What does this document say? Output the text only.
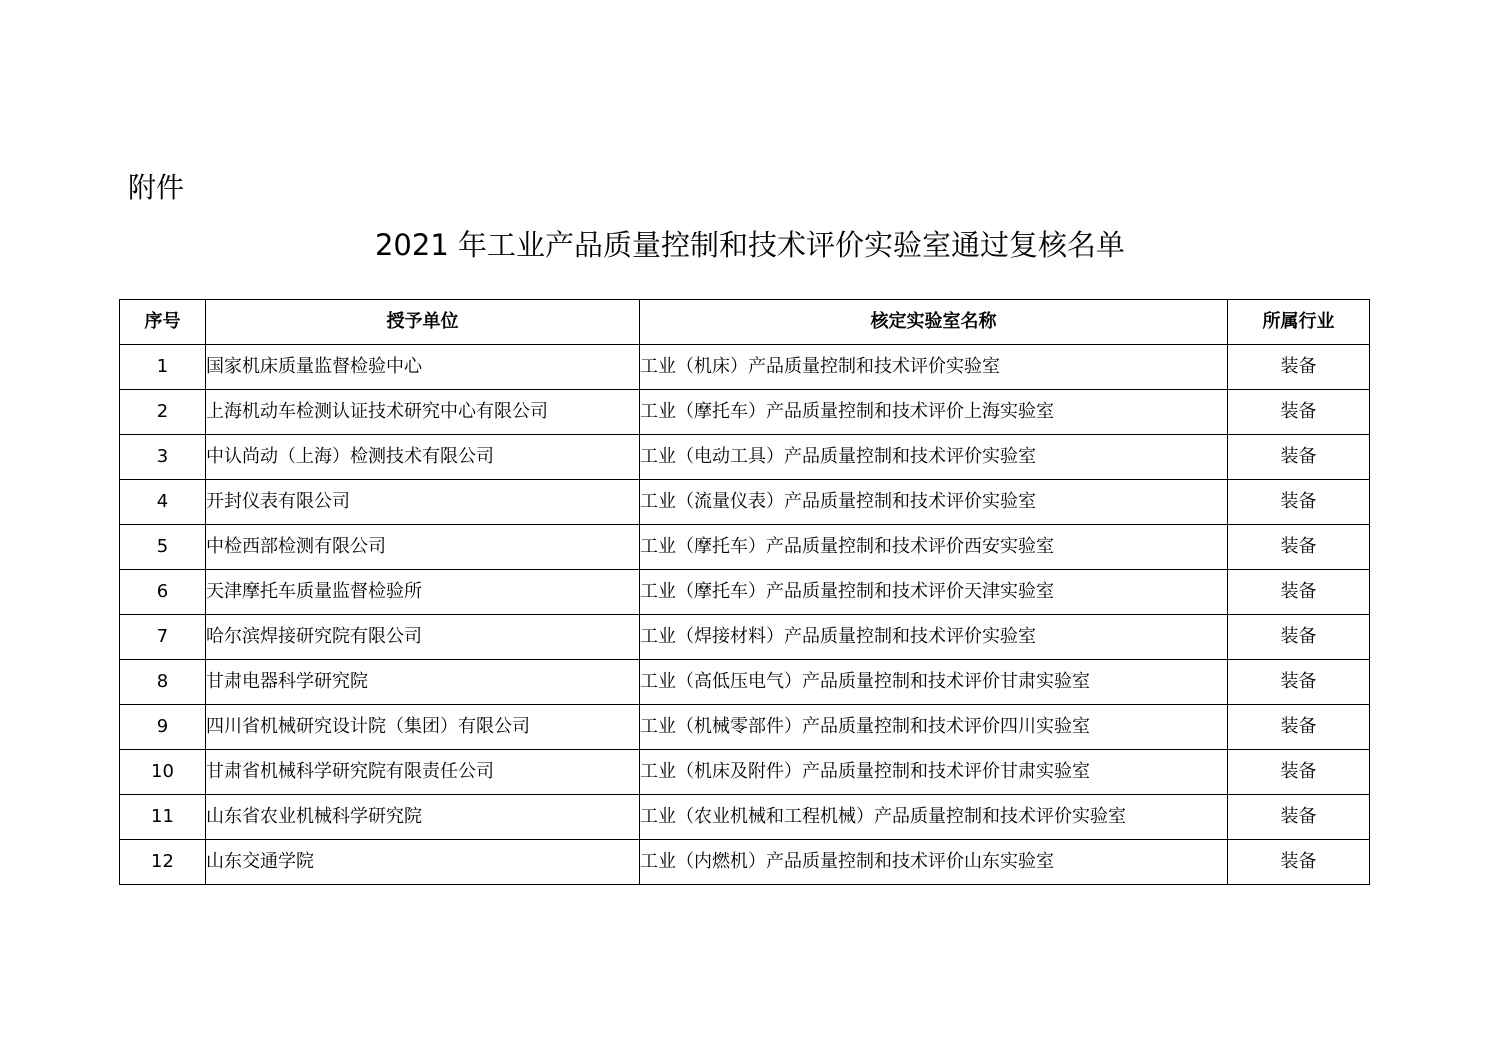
附件
2021 年工业产品质量控制和技术评价实验室通过复核名单
序号	授予单位	核定实验室名称	所属行业
1	国家机床质量监督检验中心	工业（机床）产品质量控制和技术评价实验室	装备
2	上海机动车检测认证技术研究中心有限公司	工业（摩托车）产品质量控制和技术评价上海实验室	装备
3	中认尚动（上海）检测技术有限公司	工业（电动工具）产品质量控制和技术评价实验室	装备
4	开封仪表有限公司	工业（流量仪表）产品质量控制和技术评价实验室	装备
5	中检西部检测有限公司	工业（摩托车）产品质量控制和技术评价西安实验室	装备
6	天津摩托车质量监督检验所	工业（摩托车）产品质量控制和技术评价天津实验室	装备
7	哈尔滨焊接研究院有限公司	工业（焊接材料）产品质量控制和技术评价实验室	装备
8	甘肃电器科学研究院	工业（高低压电气）产品质量控制和技术评价甘肃实验室	装备
9	四川省机械研究设计院（集团）有限公司	工业（机械零部件）产品质量控制和技术评价四川实验室	装备
10	甘肃省机械科学研究院有限责任公司	工业（机床及附件）产品质量控制和技术评价甘肃实验室	装备
11	山东省农业机械科学研究院	工业（农业机械和工程机械）产品质量控制和技术评价实验室	装备
12	山东交通学院	工业（内燃机）产品质量控制和技术评价山东实验室	装备
